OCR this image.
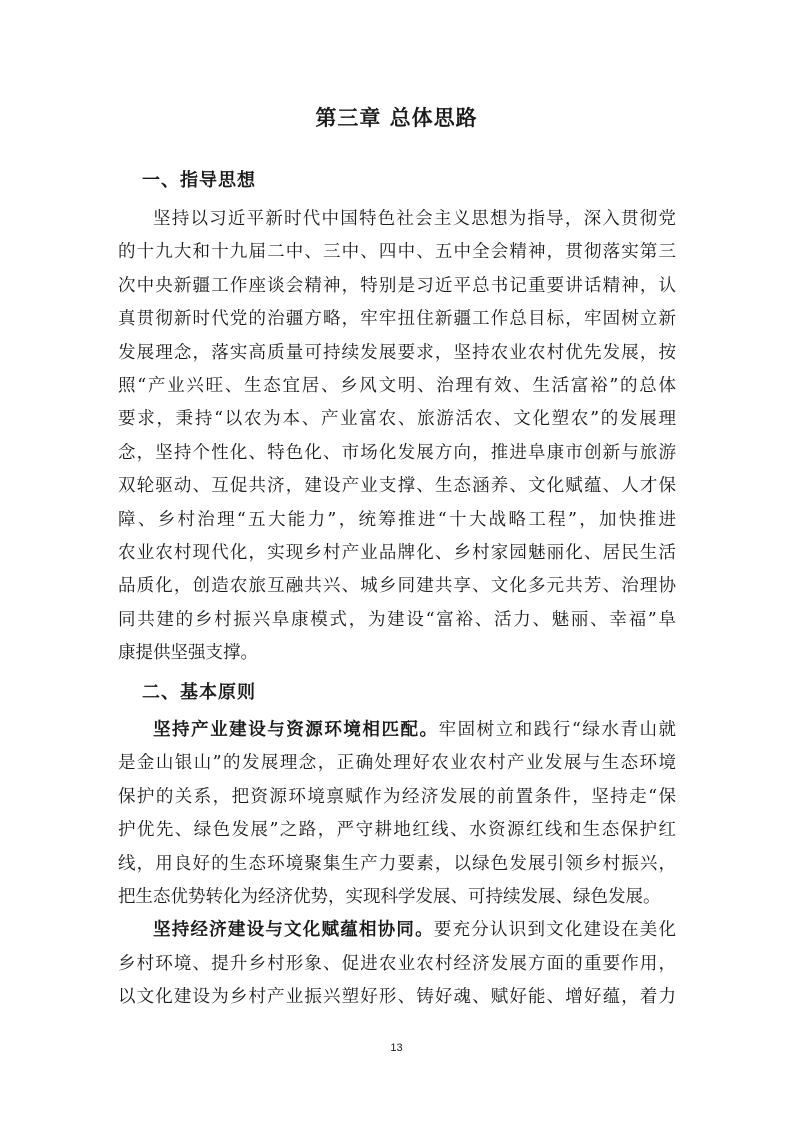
第三章 总体思路
一、指导思想
坚持以习近平新时代中国特色社会主义思想为指导，深入贯彻党
的十九大和十九届二中、三中、四中、五中全会精神，贯彻落实第三
次中央新疆工作座谈会精神，特别是习近平总书记重要讲话精神，认
真贯彻新时代党的治疆方略，牢牢扭住新疆工作总目标，牢固树立新
发展理念，落实高质量可持续发展要求，坚持农业农村优先发展，按
照“产业兴旺、生态宜居、乡风文明、治理有效、生活富裕”的总体
要求，秉持“以农为本、产业富农、旅游活农、文化塑农”的发展理
念，坚持个性化、特色化、市场化发展方向，推进阜康市创新与旅游
双轮驱动、互促共济，建设产业支撑、生态涵养、文化赋蕴、人才保
障、乡村治理“五大能力”，统筹推进“十大战略工程”，加快推进
农业农村现代化，实现乡村产业品牌化、乡村家园魅丽化、居民生活
品质化，创造农旅互融共兴、城乡同建共享、文化多元共芳、治理协
同共建的乡村振兴阜康模式，为建设“富裕、活力、魅丽、幸福”阜
康提供坚强支撑。
二、基本原则
坚持产业建设与资源环境相匹配。牢固树立和践行“绿水青山就
是金山银山”的发展理念，正确处理好农业农村产业发展与生态环境
保护的关系，把资源环境禀赋作为经济发展的前置条件，坚持走“保
护优先、绿色发展”之路，严守耕地红线、水资源红线和生态保护红
线，用良好的生态环境聚集生产力要素，以绿色发展引领乡村振兴，
把生态优势转化为经济优势，实现科学发展、可持续发展、绿色发展。
坚持经济建设与文化赋蕴相协同。要充分认识到文化建设在美化
乡村环境、提升乡村形象、促进农业农村经济发展方面的重要作用，
以文化建设为乡村产业振兴塑好形、铸好魂、赋好能、增好蕴，着力
13
